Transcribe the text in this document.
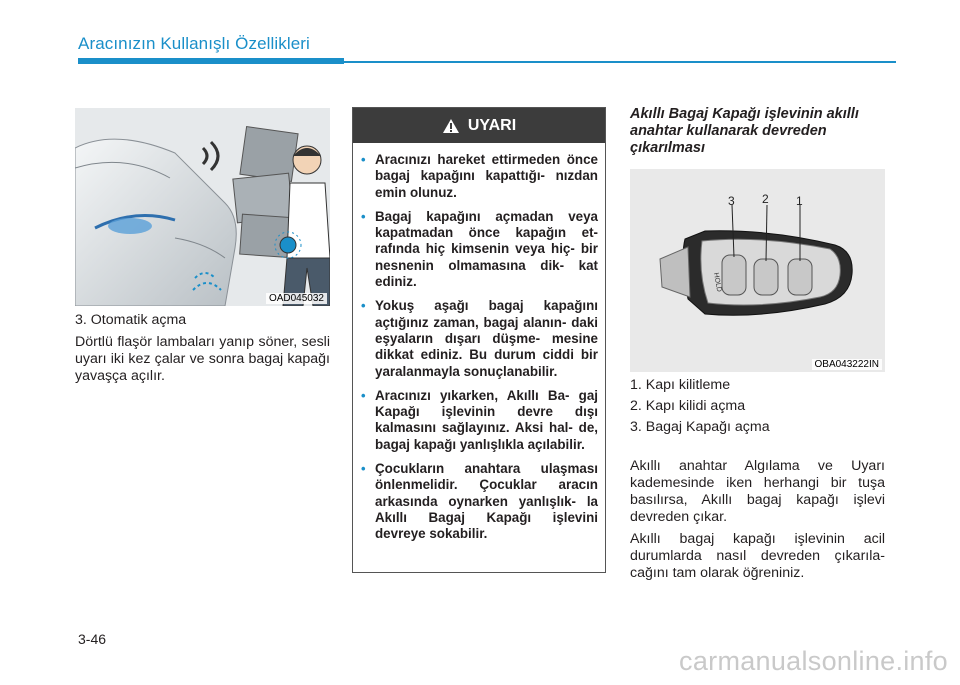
Aracınızın Kullanışlı Özellikleri
OAD045032

3. Otomatik açma

Dörtlü flaşör lambaları yanıp söner, sesli uyarı iki kez çalar ve sonra bagaj kapağı yavaşça açılır.

UYARI
• Aracınızı hareket ettirmeden önce bagaj kapağını kapattığı- nızdan emin olunuz.
• Bagaj kapağını açmadan veya kapatmadan önce kapağın et- rafında hiç kimsenin veya hiç- bir nesnenin olmamasına dik- kat ediniz.
• Yokuş aşağı bagaj kapağını açtığınız zaman, bagaj alanın- daki eşyaların dışarı düşme- mesine dikkat ediniz. Bu durum ciddi bir yaralanmayla sonuçlanabilir.
• Aracınızı yıkarken, Akıllı Ba- gaj Kapağı işlevinin devre dışı kalmasını sağlayınız. Aksi hal- de, bagaj kapağı yanlışlıkla açılabilir.
• Çocukların anahtara ulaşması önlenmelidir. Çocuklar aracın arkasında oynarken yanlışlık- la Akıllı Bagaj Kapağı işlevini devreye sokabilir.
Akıllı Bagaj Kapağı işlevinin akıllı anahtar kullanarak devreden çıkarılması
HOLD
3 2 1
OBA043222IN
1. Kapı kilitleme
2. Kapı kilidi açma
3. Bagaj Kapağı açma

Akıllı anahtar Algılama ve Uyarı kademesinde iken herhangi bir tuşa basılırsa, Akıllı bagaj kapağı işlevi devreden çıkar.

Akıllı bagaj kapağı işlevinin acil durumlarda nasıl devreden çıkarıla- cağını tam olarak öğreniniz.

3-46
carmanualsonline.info
